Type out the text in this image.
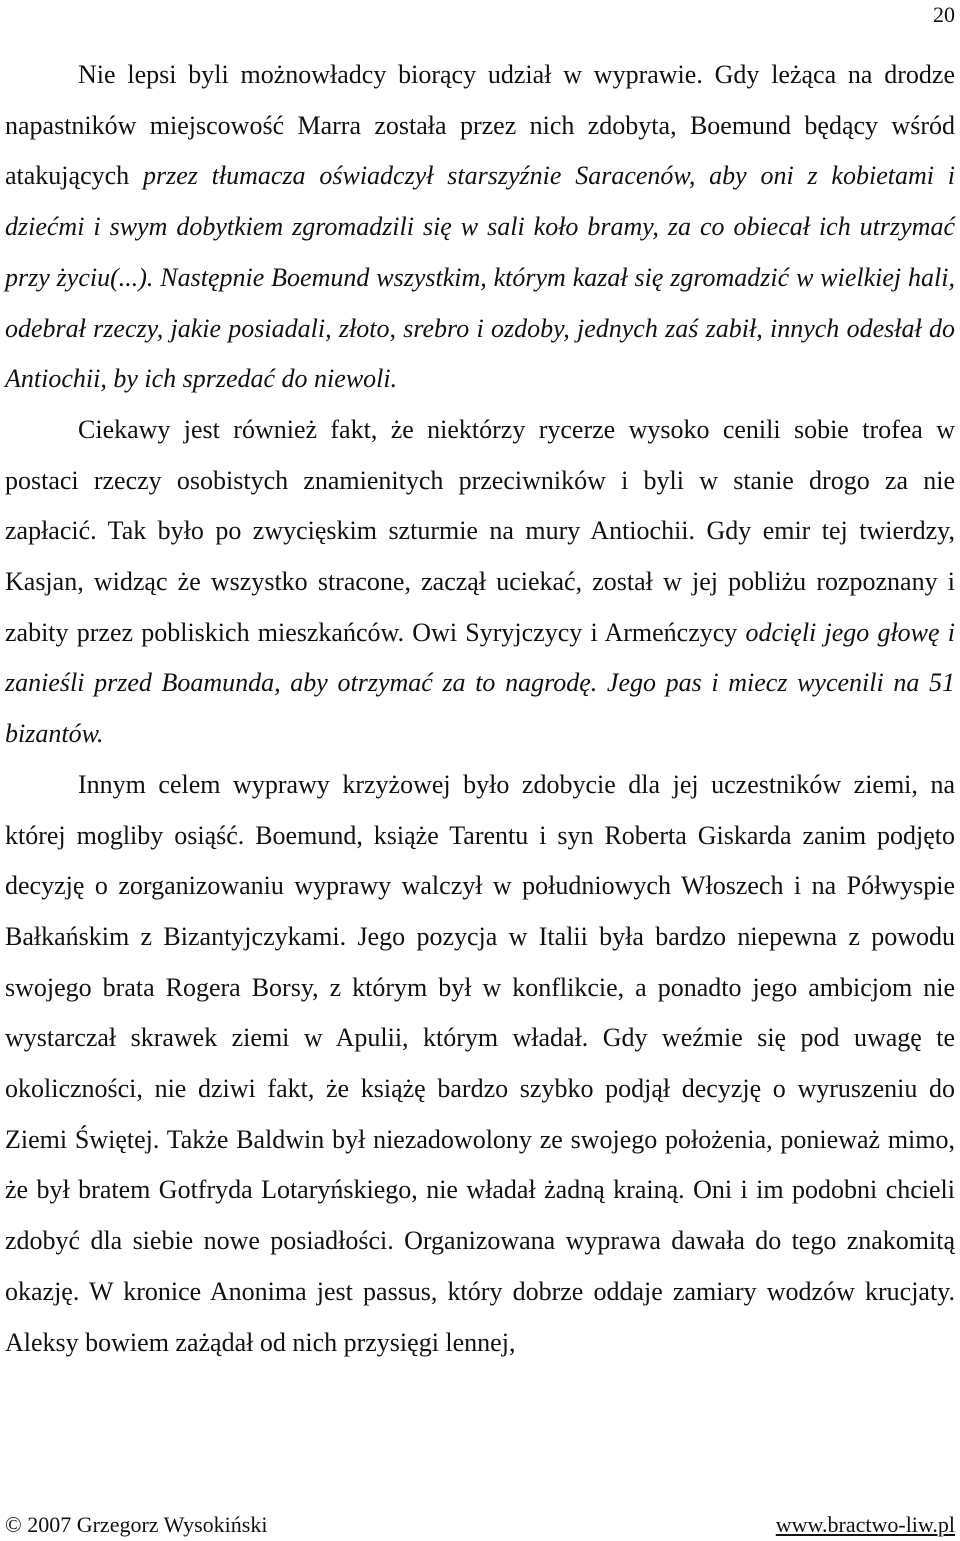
20

Nie lepsi byli możnowładcy biorący udział w wyprawie. Gdy leżąca na drodze napastników miejscowość Marra została przez nich zdobyta, Boemund będący wśród atakujących przez tłumacza oświadczył starszyźnie Saracenów, aby oni z kobietami i dziećmi i swym dobytkiem zgromadzili się w sali koło bramy, za co obiecał ich utrzymać przy życiu(...). Następnie Boemund wszystkim, którym kazał się zgromadzić w wielkiej hali, odebrał rzeczy, jakie posiadali, złoto, srebro i ozdoby, jednych zaś zabił, innych odesłał do Antiochii, by ich sprzedać do niewoli.

Ciekawy jest również fakt, że niektórzy rycerze wysoko cenili sobie trofea w postaci rzeczy osobistych znamienitych przeciwników i byli w stanie drogo za nie zapłacić. Tak było po zwycięskim szturmie na mury Antiochii. Gdy emir tej twierdzy, Kasjan, widząc że wszystko stracone, zaczął uciekać, został w jej pobliżu rozpoznany i zabity przez pobliskich mieszkańców. Owi Syryjczycy i Armeńczycy odcięli jego głowę i zanieśli przed Boamunda, aby otrzymać za to nagrodę. Jego pas i miecz wycenili na 51 bizantów.

Innym celem wyprawy krzyżowej było zdobycie dla jej uczestników ziemi, na której mogliby osiąść. Boemund, książe Tarentu i syn Roberta Giskarda zanim podjęto decyzję o zorganizowaniu wyprawy walczył w południowych Włoszech i na Półwyspie Bałkańskim z Bizantyjczykami. Jego pozycja w Italii była bardzo niepewna z powodu swojego brata Rogera Borsy, z którym był w konflikcie, a ponadto jego ambicjom nie wystarczał skrawek ziemi w Apulii, którym władał. Gdy weźmie się pod uwagę te okoliczności, nie dziwi fakt, że książę bardzo szybko podjął decyzję o wyruszeniu do Ziemi Świętej. Także Baldwin był niezadowolony ze swojego położenia, ponieważ mimo, że był bratem Gotfryda Lotaryńskiego, nie władał żadną krainą. Oni i im podobni chcieli zdobyć dla siebie nowe posiadłości. Organizowana wyprawa dawała do tego znakomitą okazję. W kronice Anonima jest passus, który dobrze oddaje zamiary wodzów krucjaty. Aleksy bowiem zażądał od nich przysięgi lennej,

© 2007 Grzegorz Wysokiński	www.bractwo-liw.pl
